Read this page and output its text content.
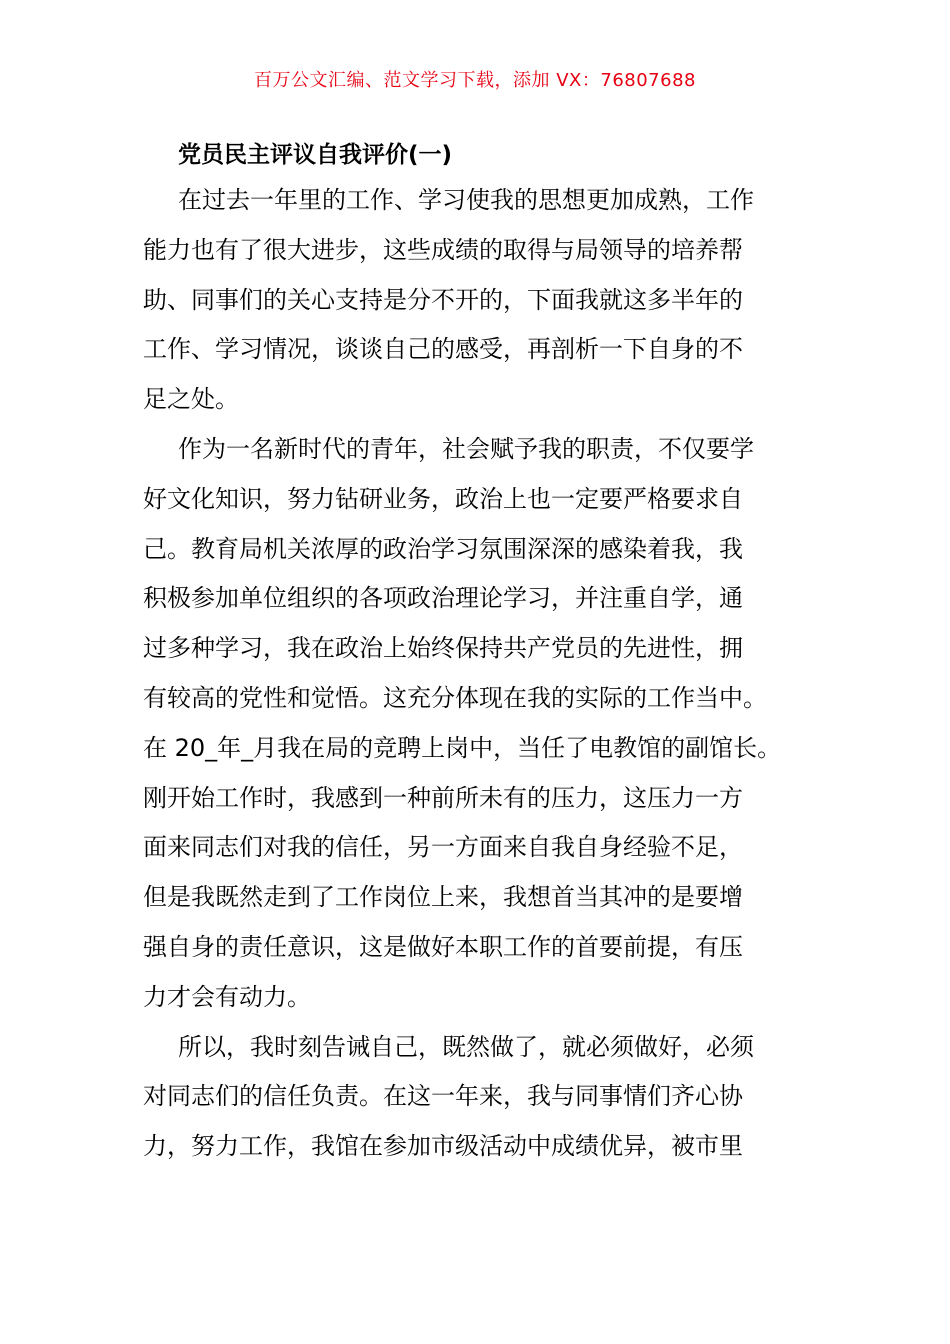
百万公文汇编、范文学习下载，添加 VX：76807688
党员民主评议自我评价(一)
在过去一年里的工作、学习使我的思想更加成熟，工作
能力也有了很大进步，这些成绩的取得与局领导的培养帮
助、同事们的关心支持是分不开的，下面我就这多半年的
工作、学习情况，谈谈自己的感受，再剖析一下自身的不
足之处。
作为一名新时代的青年，社会赋予我的职责，不仅要学
好文化知识，努力钻研业务，政治上也一定要严格要求自
己。教育局机关浓厚的政治学习氛围深深的感染着我，我
积极参加单位组织的各项政治理论学习，并注重自学，通
过多种学习，我在政治上始终保持共产党员的先进性，拥
有较高的党性和觉悟。这充分体现在我的实际的工作当中。
在 20_年_月我在局的竞聘上岗中，当任了电教馆的副馆长。
刚开始工作时，我感到一种前所未有的压力，这压力一方
面来同志们对我的信任，另一方面来自我自身经验不足，
但是我既然走到了工作岗位上来，我想首当其冲的是要增
强自身的责任意识，这是做好本职工作的首要前提，有压
力才会有动力。
所以，我时刻告诫自己，既然做了，就必须做好，必须
对同志们的信任负责。在这一年来，我与同事情们齐心协
力，努力工作，我馆在参加市级活动中成绩优异，被市里
